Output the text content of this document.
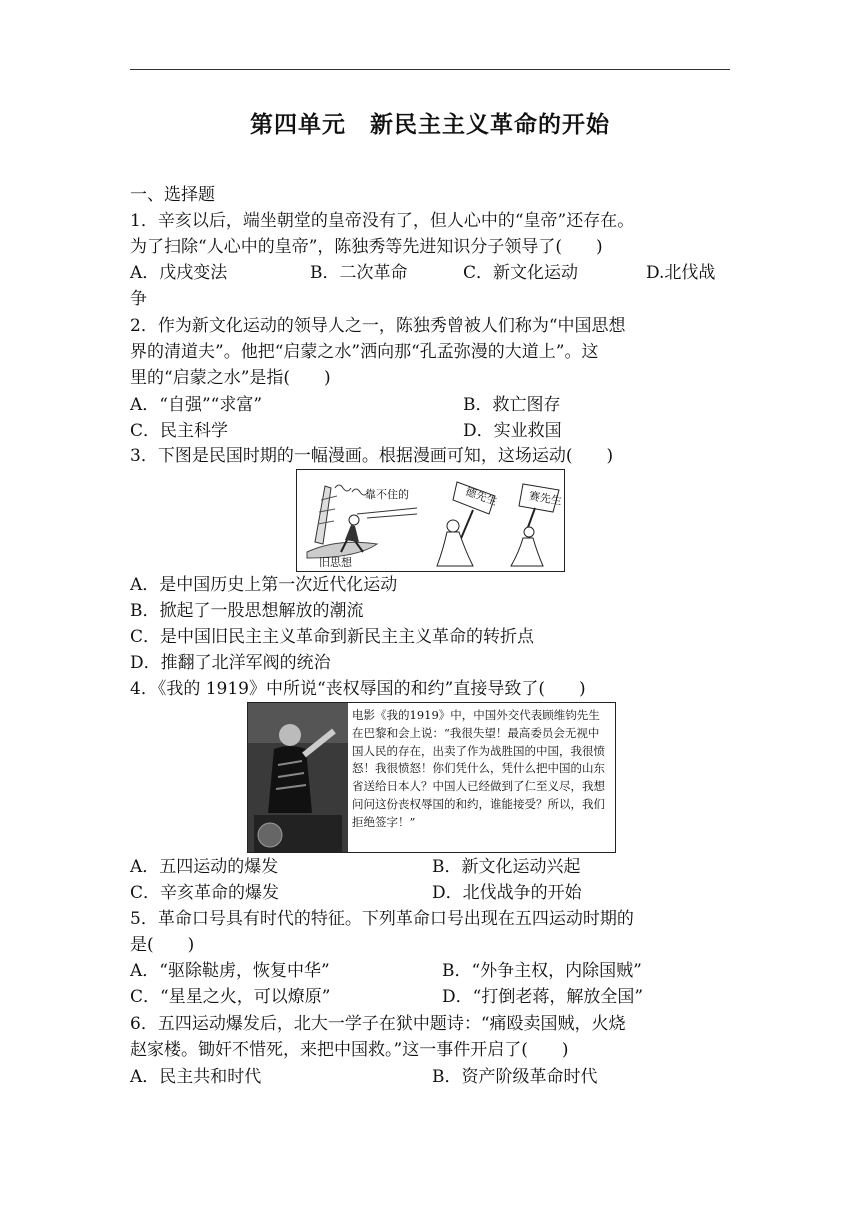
第四单元　新民主主义革命的开始
一、选择题
1．辛亥以后，端坐朝堂的皇帝没有了，但人心中的“皇帝”还存在。
为了扫除“人心中的皇帝”，陈独秀等先进知识分子领导了(　　)
A．戊戌变法	B．二次革命	C．新文化运动	D.北伐战
争
2．作为新文化运动的领导人之一，陈独秀曾被人们称为“中国思想
界的清道夫”。他把“启蒙之水”洒向那“孔孟弥漫的大道上”。这
里的“启蒙之水”是指(　　)
A．“自强”“求富”	B．救亡图存
C．民主科学	D．实业救国
3．下图是民国时期的一幅漫画。根据漫画可知，这场运动(　　)
靠不住的
旧思想
德先生	赛先生
A．是中国历史上第一次近代化运动
B．掀起了一股思想解放的潮流
C．是中国旧民主主义革命到新民主主义革命的转折点
D．推翻了北洋军阀的统治
4．《我的 1919》中所说“丧权辱国的和约”直接导致了(　　)
电影《我的1919》中，中国外交代表顾维钧先生在巴黎和会上说：“我很失望！最高委员会无视中国人民的存在，出卖了作为战胜国的中国，我很愤怒！我很愤怒！你们凭什么，凭什么把中国的山东省送给日本人？中国人已经做到了仁至义尽，我想问问这份丧权辱国的和约，谁能接受？所以，我们拒绝签字！”
A．五四运动的爆发	B．新文化运动兴起
C．辛亥革命的爆发	D．北伐战争的开始
5．革命口号具有时代的特征。下列革命口号出现在五四运动时期的
是(　　)
A．“驱除鞑虏，恢复中华”	B．“外争主权，内除国贼”
C．“星星之火，可以燎原”	D．“打倒老蒋，解放全国”
6．五四运动爆发后，北大一学子在狱中题诗：“痛殴卖国贼，火烧
赵家楼。锄奸不惜死，来把中国救。”这一事件开启了(　　)
A．民主共和时代	B．资产阶级革命时代
